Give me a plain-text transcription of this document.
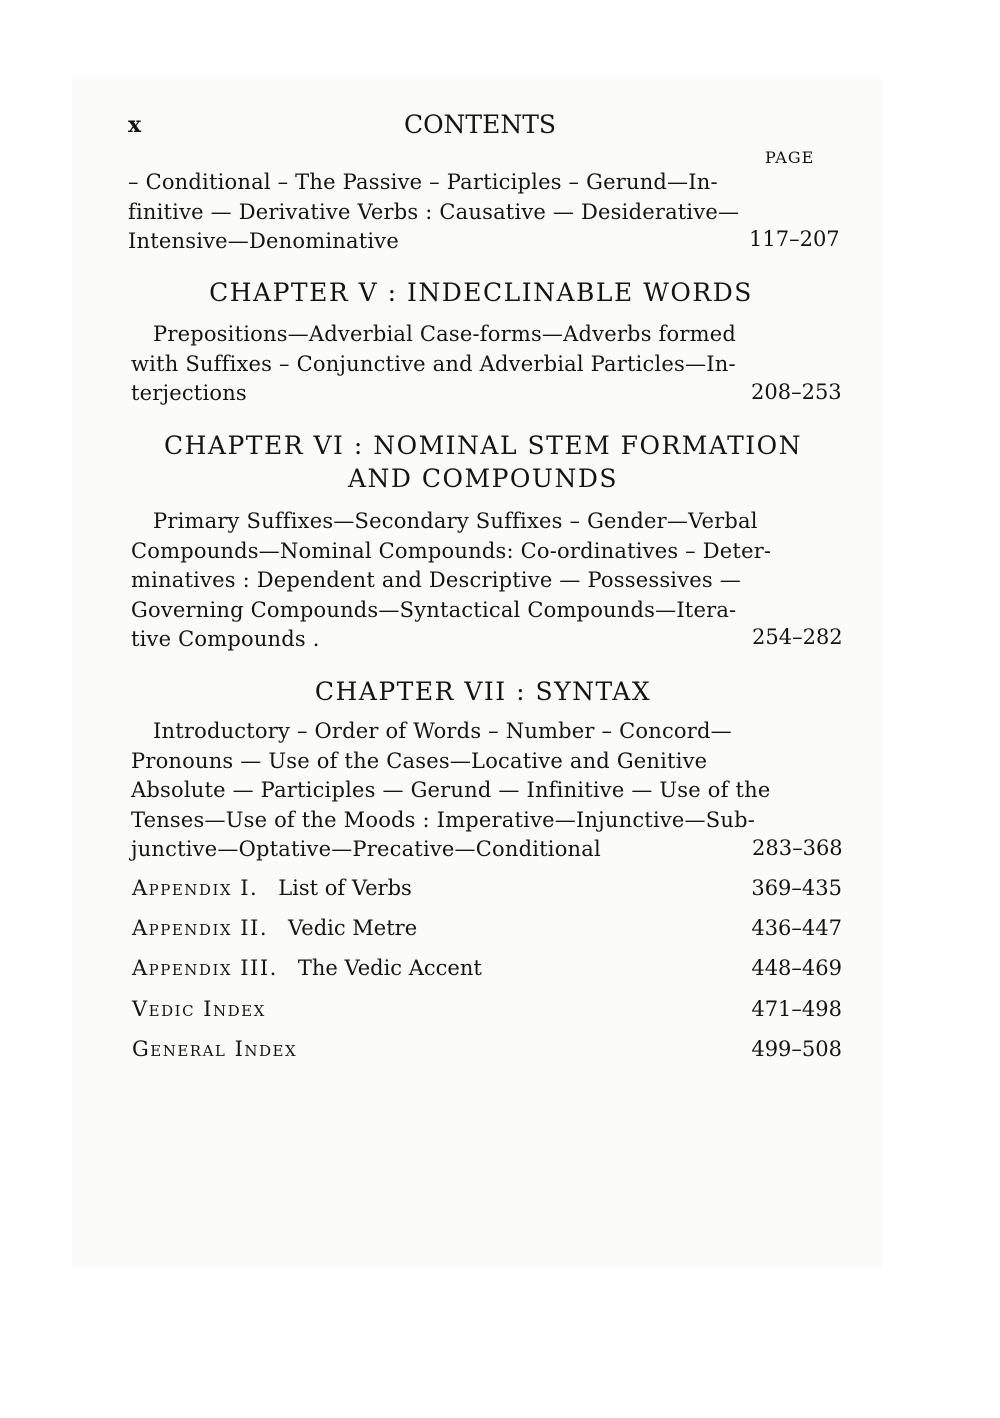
x	CONTENTS
PAGE
– Conditional – The Passive – Participles – Gerund—In-
finitive — Derivative Verbs : Causative — Desiderative—
Intensive—Denominative	117–207
CHAPTER V : INDECLINABLE WORDS
Prepositions—Adverbial Case-forms—Adverbs formed
with Suffixes – Conjunctive and Adverbial Particles—In-
terjections	208–253
CHAPTER VI : NOMINAL STEM FORMATION
AND COMPOUNDS
Primary Suffixes—Secondary Suffixes – Gender—Verbal
Compounds—Nominal Compounds: Co-ordinatives – Deter-
minatives : Dependent and Descriptive — Possessives —
Governing Compounds—Syntactical Compounds—Itera-
tive Compounds .	254–282
CHAPTER VII : SYNTAX
Introductory – Order of Words – Number – Concord—
Pronouns — Use of the Cases—Locative and Genitive
Absolute — Participles — Gerund — Infinitive — Use of the
Tenses—Use of the Moods : Imperative—Injunctive—Sub-
junctive—Optative—Precative—Conditional	283–368
Appendix I. List of Verbs	369–435
Appendix II. Vedic Metre	436–447
Appendix III. The Vedic Accent	448–469
Vedic Index	471–498
General Index	499–508
